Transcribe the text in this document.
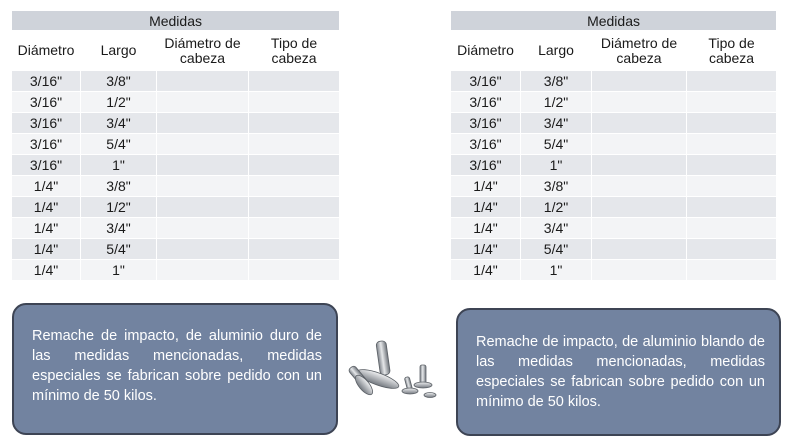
Medidas			
Diámetro	Largo	Diámetro de cabeza	Tipo de cabeza
3/16"	3/8"		
3/16"	1/2"		
3/16"	3/4"		
3/16"	5/4"		
3/16"	1"		
1/4"	3/8"		
1/4"	1/2"		
1/4"	3/4"		
1/4"	5/4"		
1/4"	1"		
Medidas			
Diámetro	Largo	Diámetro de cabeza	Tipo de cabeza
3/16"	3/8"		
3/16"	1/2"		
3/16"	3/4"		
3/16"	5/4"		
3/16"	1"		
1/4"	3/8"		
1/4"	1/2"		
1/4"	3/4"		
1/4"	5/4"		
1/4"	1"		
Remache de impacto, de aluminio duro de las medidas mencionadas, medidas especiales se fabrican sobre pedido con un mínimo de 50 kilos.
Remache de impacto, de aluminio blando de las medidas mencionadas, medidas especiales se fabrican sobre pedido con un mínimo de 50 kilos.
